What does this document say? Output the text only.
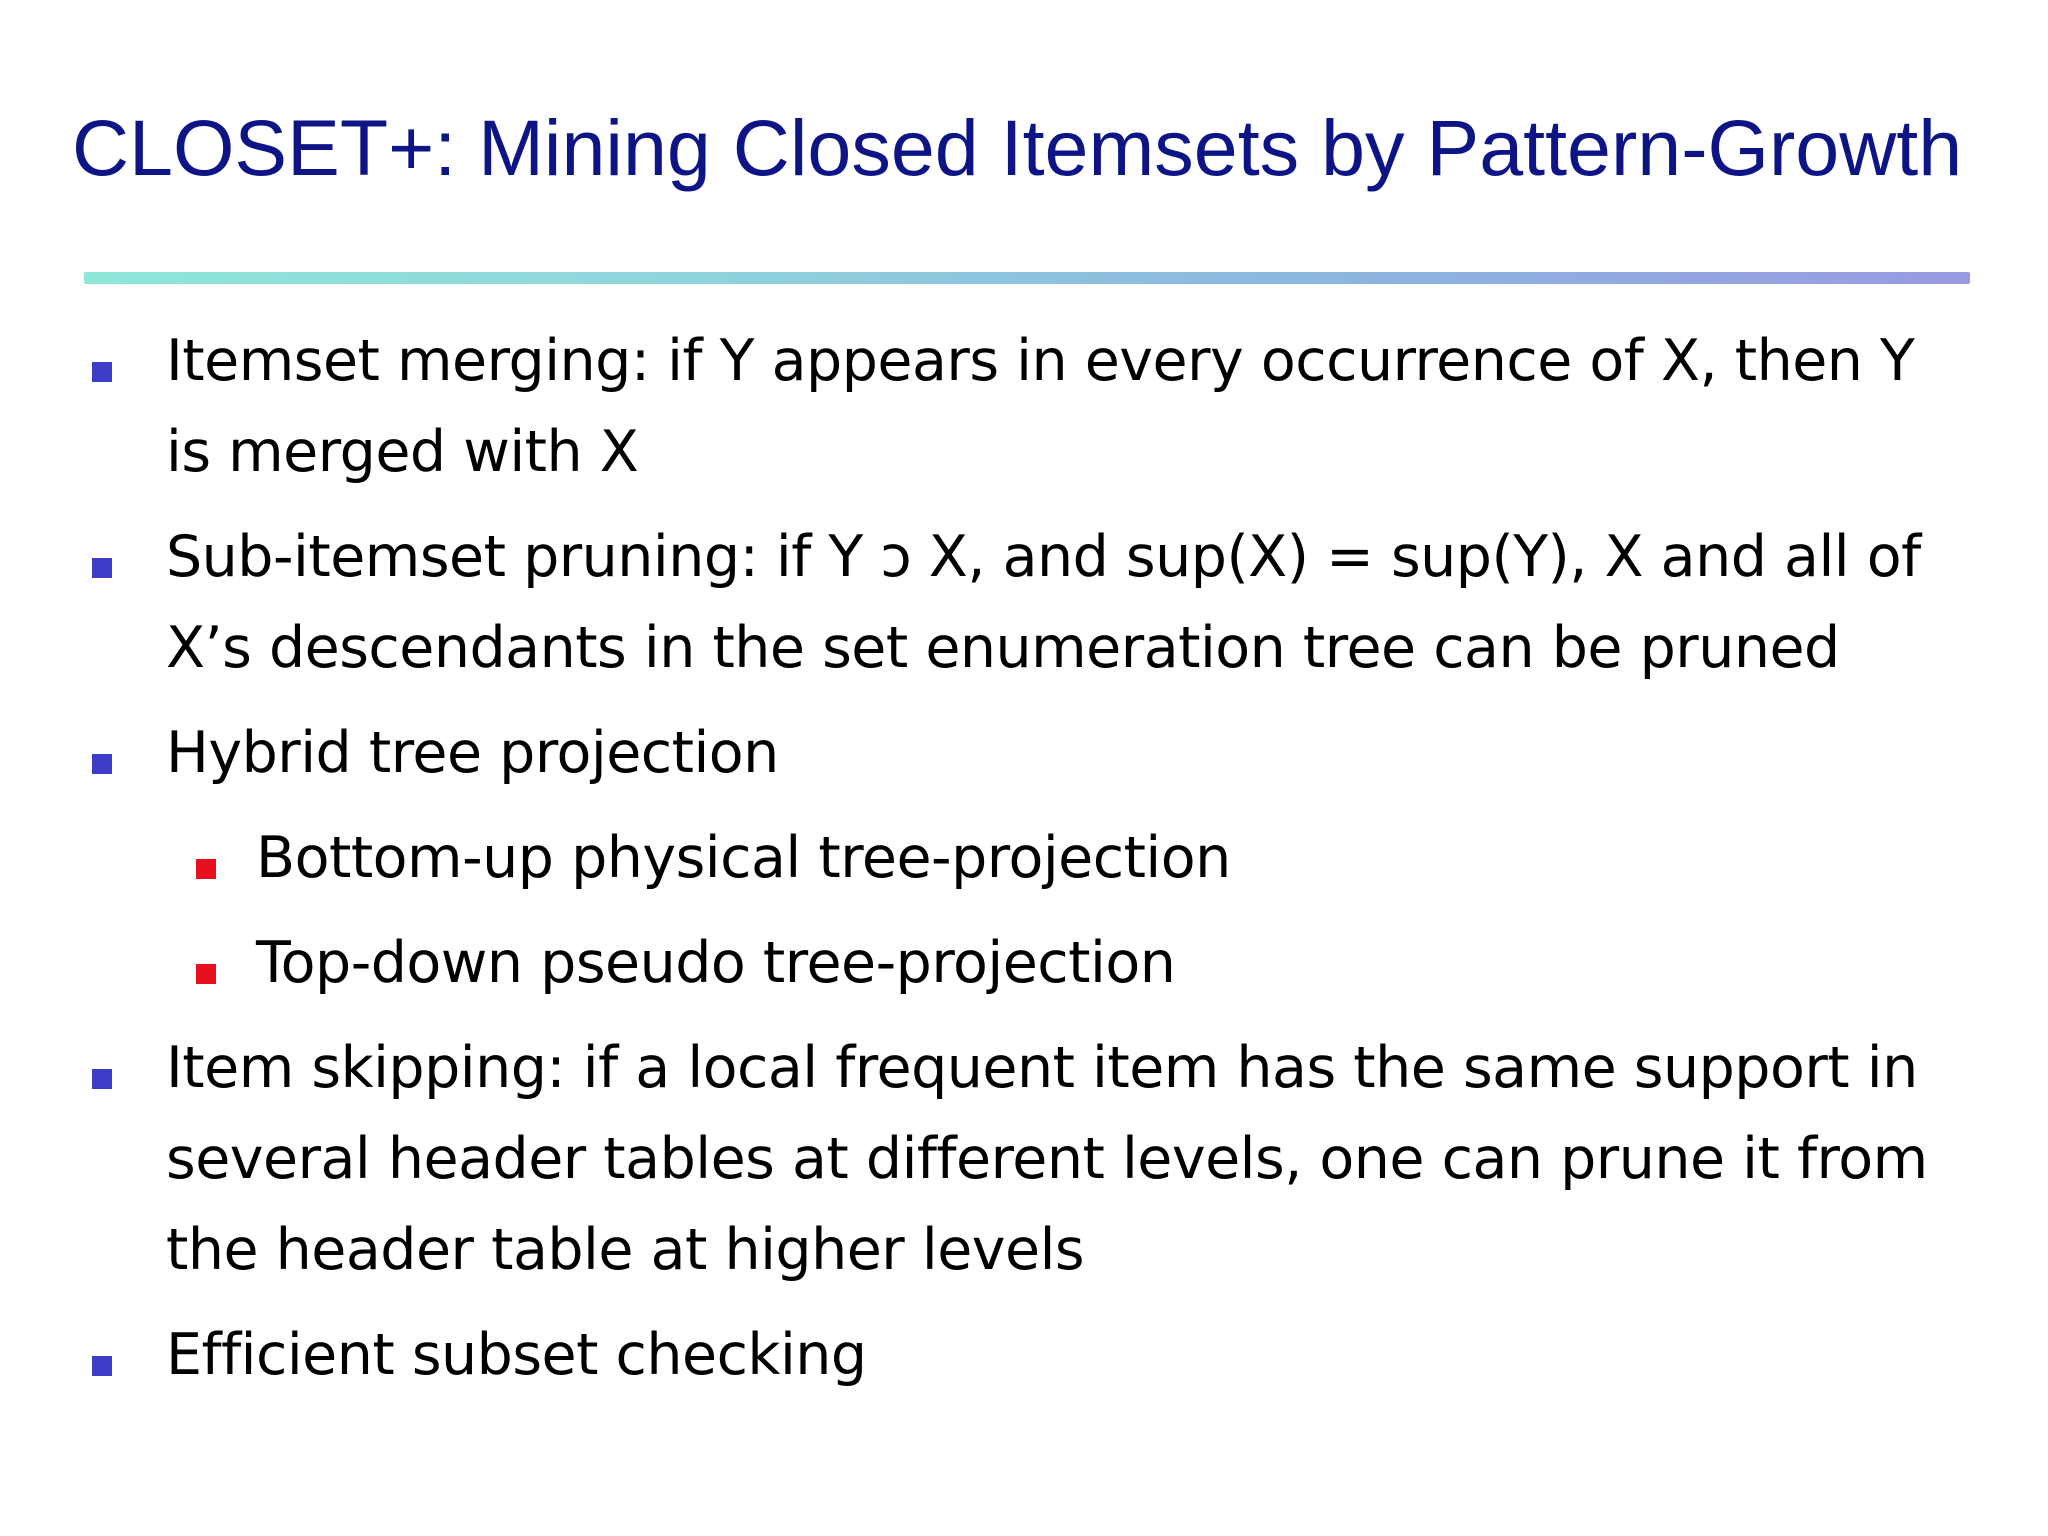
CLOSET+: Mining Closed Itemsets by Pattern-Growth
Itemset merging: if Y appears in every occurrence of X, then Y is merged with X
Sub-itemset pruning: if Y ɔ X, and sup(X) = sup(Y), X and all of X’s descendants in the set enumeration tree can be pruned
Hybrid tree projection
Bottom-up physical tree-projection
Top-down pseudo tree-projection
Item skipping: if a local frequent item has the same support in several header tables at different levels, one can prune it from the header table at higher levels
Efficient subset checking
